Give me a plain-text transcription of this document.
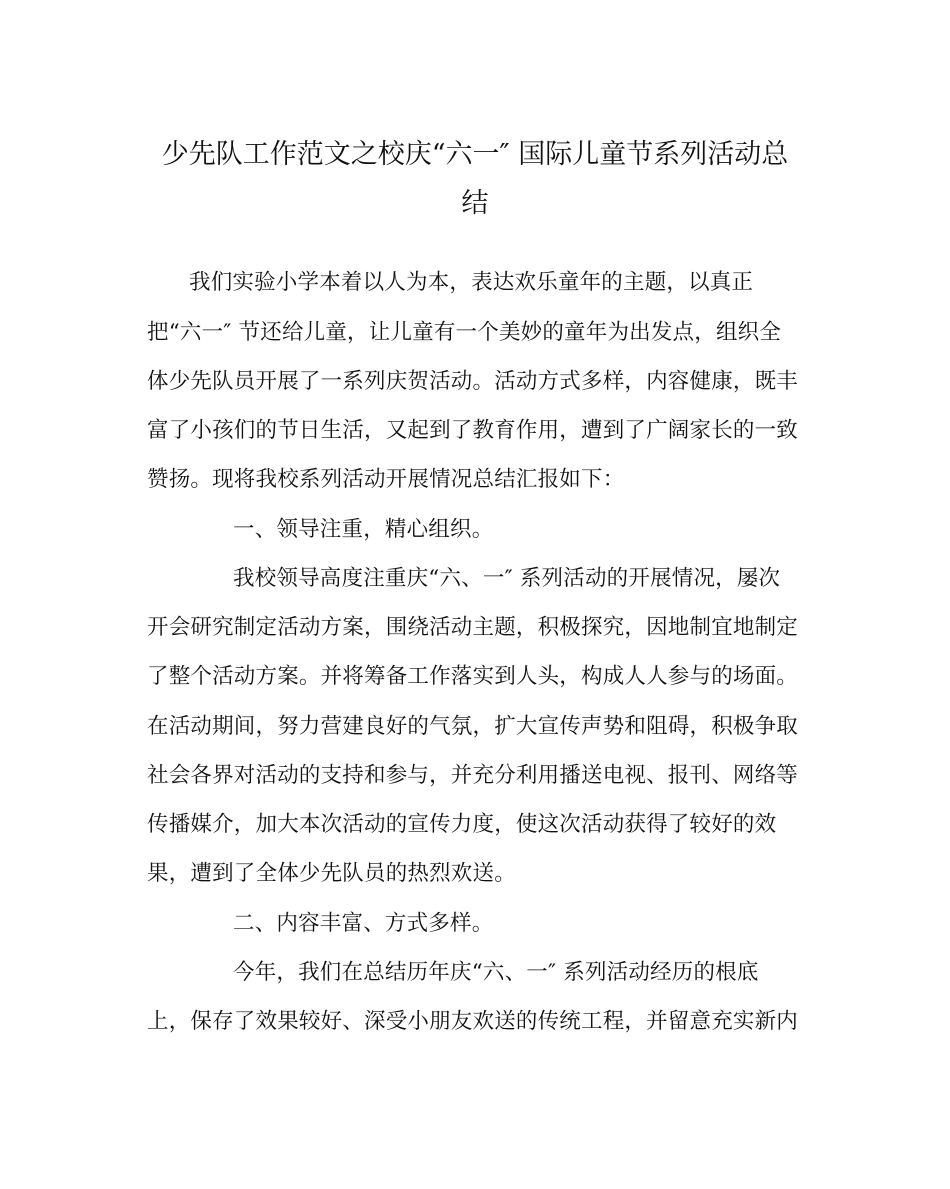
少先队工作范文之校庆“六一″ 国际儿童节系列活动总
结
我们实验小学本着以人为本，表达欢乐童年的主题，以真正
把“六一″ 节还给儿童，让儿童有一个美妙的童年为出发点，组织全
体少先队员开展了一系列庆贺活动。活动方式多样，内容健康，既丰
富了小孩们的节日生活，又起到了教育作用，遭到了广阔家长的一致
赞扬。现将我校系列活动开展情况总结汇报如下：
一、领导注重，精心组织。
我校领导高度注重庆“六、一″ 系列活动的开展情况，屡次
开会研究制定活动方案，围绕活动主题，积极探究，因地制宜地制定
了整个活动方案。并将筹备工作落实到人头，构成人人参与的场面。
在活动期间，努力营建良好的气氛，扩大宣传声势和阻碍，积极争取
社会各界对活动的支持和参与，并充分利用播送电视、报刊、网络等
传播媒介，加大本次活动的宣传力度，使这次活动获得了较好的效
果，遭到了全体少先队员的热烈欢送。
二、内容丰富、方式多样。
今年，我们在总结历年庆“六、一″ 系列活动经历的根底
上，保存了效果较好、深受小朋友欢送的传统工程，并留意充实新内
